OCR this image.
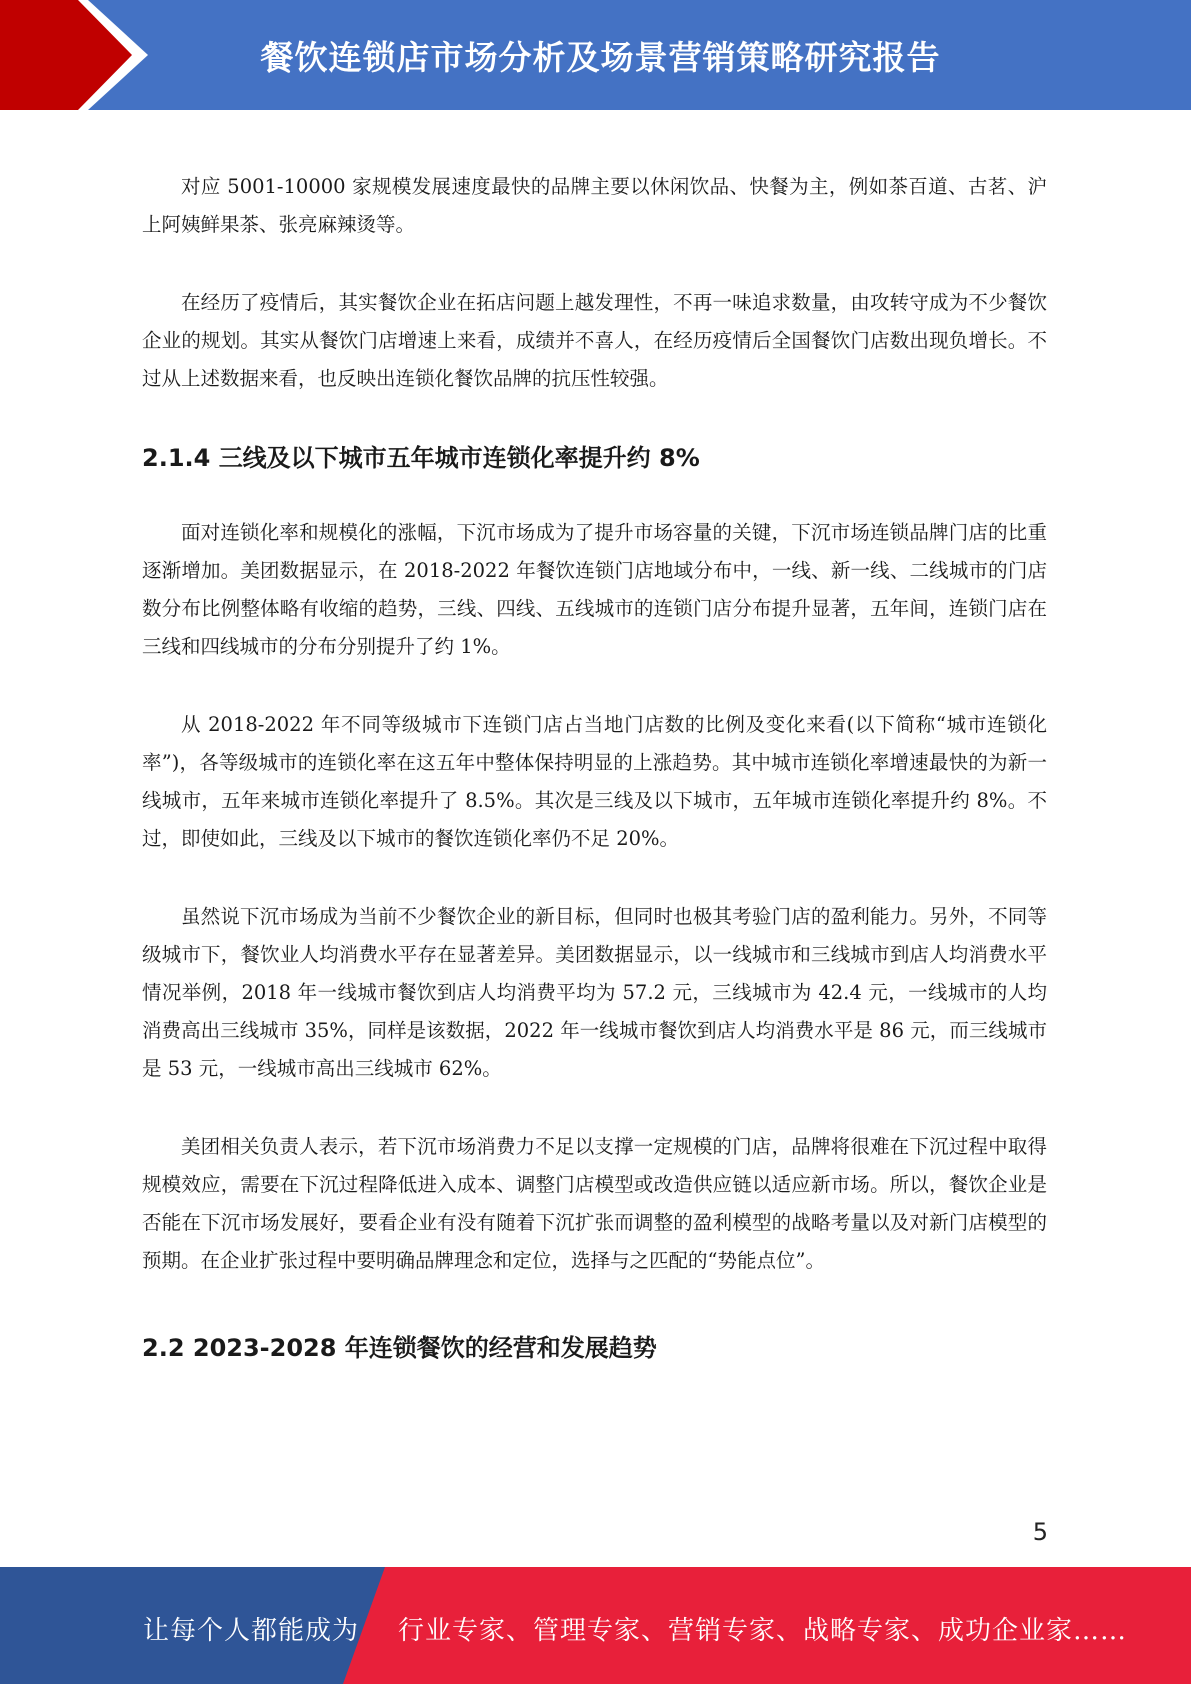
餐饮连锁店市场分析及场景营销策略研究报告

对应 5001-10000 家规模发展速度最快的品牌主要以休闲饮品、快餐为主，例如茶百道、古茗、沪上阿姨鲜果茶、张亮麻辣烫等。

在经历了疫情后，其实餐饮企业在拓店问题上越发理性，不再一味追求数量，由攻转守成为不少餐饮企业的规划。其实从餐饮门店增速上来看，成绩并不喜人，在经历疫情后全国餐饮门店数出现负增长。不过从上述数据来看，也反映出连锁化餐饮品牌的抗压性较强。

2.1.4 三线及以下城市五年城市连锁化率提升约 8%

面对连锁化率和规模化的涨幅，下沉市场成为了提升市场容量的关键，下沉市场连锁品牌门店的比重逐渐增加。美团数据显示，在 2018-2022 年餐饮连锁门店地域分布中，一线、新一线、二线城市的门店数分布比例整体略有收缩的趋势，三线、四线、五线城市的连锁门店分布提升显著，五年间，连锁门店在三线和四线城市的分布分别提升了约 1%。

从 2018-2022 年不同等级城市下连锁门店占当地门店数的比例及变化来看(以下简称“城市连锁化率”)，各等级城市的连锁化率在这五年中整体保持明显的上涨趋势。其中城市连锁化率增速最快的为新一线城市，五年来城市连锁化率提升了 8.5%。其次是三线及以下城市，五年城市连锁化率提升约 8%。不过，即使如此，三线及以下城市的餐饮连锁化率仍不足 20%。

虽然说下沉市场成为当前不少餐饮企业的新目标，但同时也极其考验门店的盈利能力。另外，不同等级城市下，餐饮业人均消费水平存在显著差异。美团数据显示，以一线城市和三线城市到店人均消费水平情况举例，2018 年一线城市餐饮到店人均消费平均为 57.2 元，三线城市为 42.4 元，一线城市的人均消费高出三线城市 35%，同样是该数据，2022 年一线城市餐饮到店人均消费水平是 86 元，而三线城市是 53 元，一线城市高出三线城市 62%。

美团相关负责人表示，若下沉市场消费力不足以支撑一定规模的门店，品牌将很难在下沉过程中取得规模效应，需要在下沉过程降低进入成本、调整门店模型或改造供应链以适应新市场。所以，餐饮企业是否能在下沉市场发展好，要看企业有没有随着下沉扩张而调整的盈利模型的战略考量以及对新门店模型的预期。在企业扩张过程中要明确品牌理念和定位，选择与之匹配的“势能点位”。

2.2 2023-2028 年连锁餐饮的经营和发展趋势
5
让每个人都能成为 行业专家、管理专家、营销专家、战略专家、成功企业家……
